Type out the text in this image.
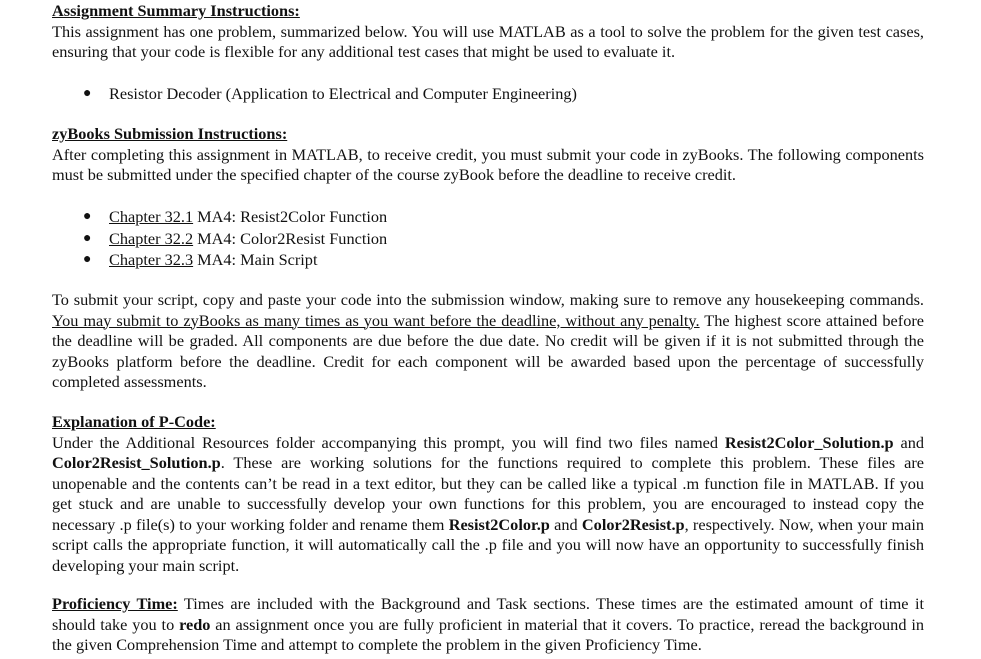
Assignment Summary Instructions:

This assignment has one problem, summarized below. You will use MATLAB as a tool to solve the problem for the given test cases, ensuring that your code is flexible for any additional test cases that might be used to evaluate it.

● Resistor Decoder (Application to Electrical and Computer Engineering)
zyBooks Submission Instructions:

After completing this assignment in MATLAB, to receive credit, you must submit your code in zyBooks. The following components must be submitted under the specified chapter of the course zyBook before the deadline to receive credit.

● Chapter 32.1 MA4: Resist2Color Function
● Chapter 32.2 MA4: Color2Resist Function
● Chapter 32.3 MA4: Main Script

To submit your script, copy and paste your code into the submission window, making sure to remove any housekeeping commands. You may submit to zyBooks as many times as you want before the deadline, without any penalty. The highest score attained before the deadline will be graded. All components are due before the due date. No credit will be given if it is not submitted through the zyBooks platform before the deadline. Credit for each component will be awarded based upon the percentage of successfully completed assessments.

Explanation of P-Code:

Under the Additional Resources folder accompanying this prompt, you will find two files named Resist2Color_Solution.p and Color2Resist_Solution.p. These are working solutions for the functions required to complete this problem. These files are unopenable and the contents can’t be read in a text editor, but they can be called like a typical .m function file in MATLAB. If you get stuck and are unable to successfully develop your own functions for this problem, you are encouraged to instead copy the necessary .p file(s) to your working folder and rename them Resist2Color.p and Color2Resist.p, respectively. Now, when your main script calls the appropriate function, it will automatically call the .p file and you will now have an opportunity to successfully finish developing your main script.

Proficiency Time: Times are included with the Background and Task sections. These times are the estimated amount of time it should take you to redo an assignment once you are fully proficient in material that it covers. To practice, reread the background in the given Comprehension Time and attempt to complete the problem in the given Proficiency Time.
